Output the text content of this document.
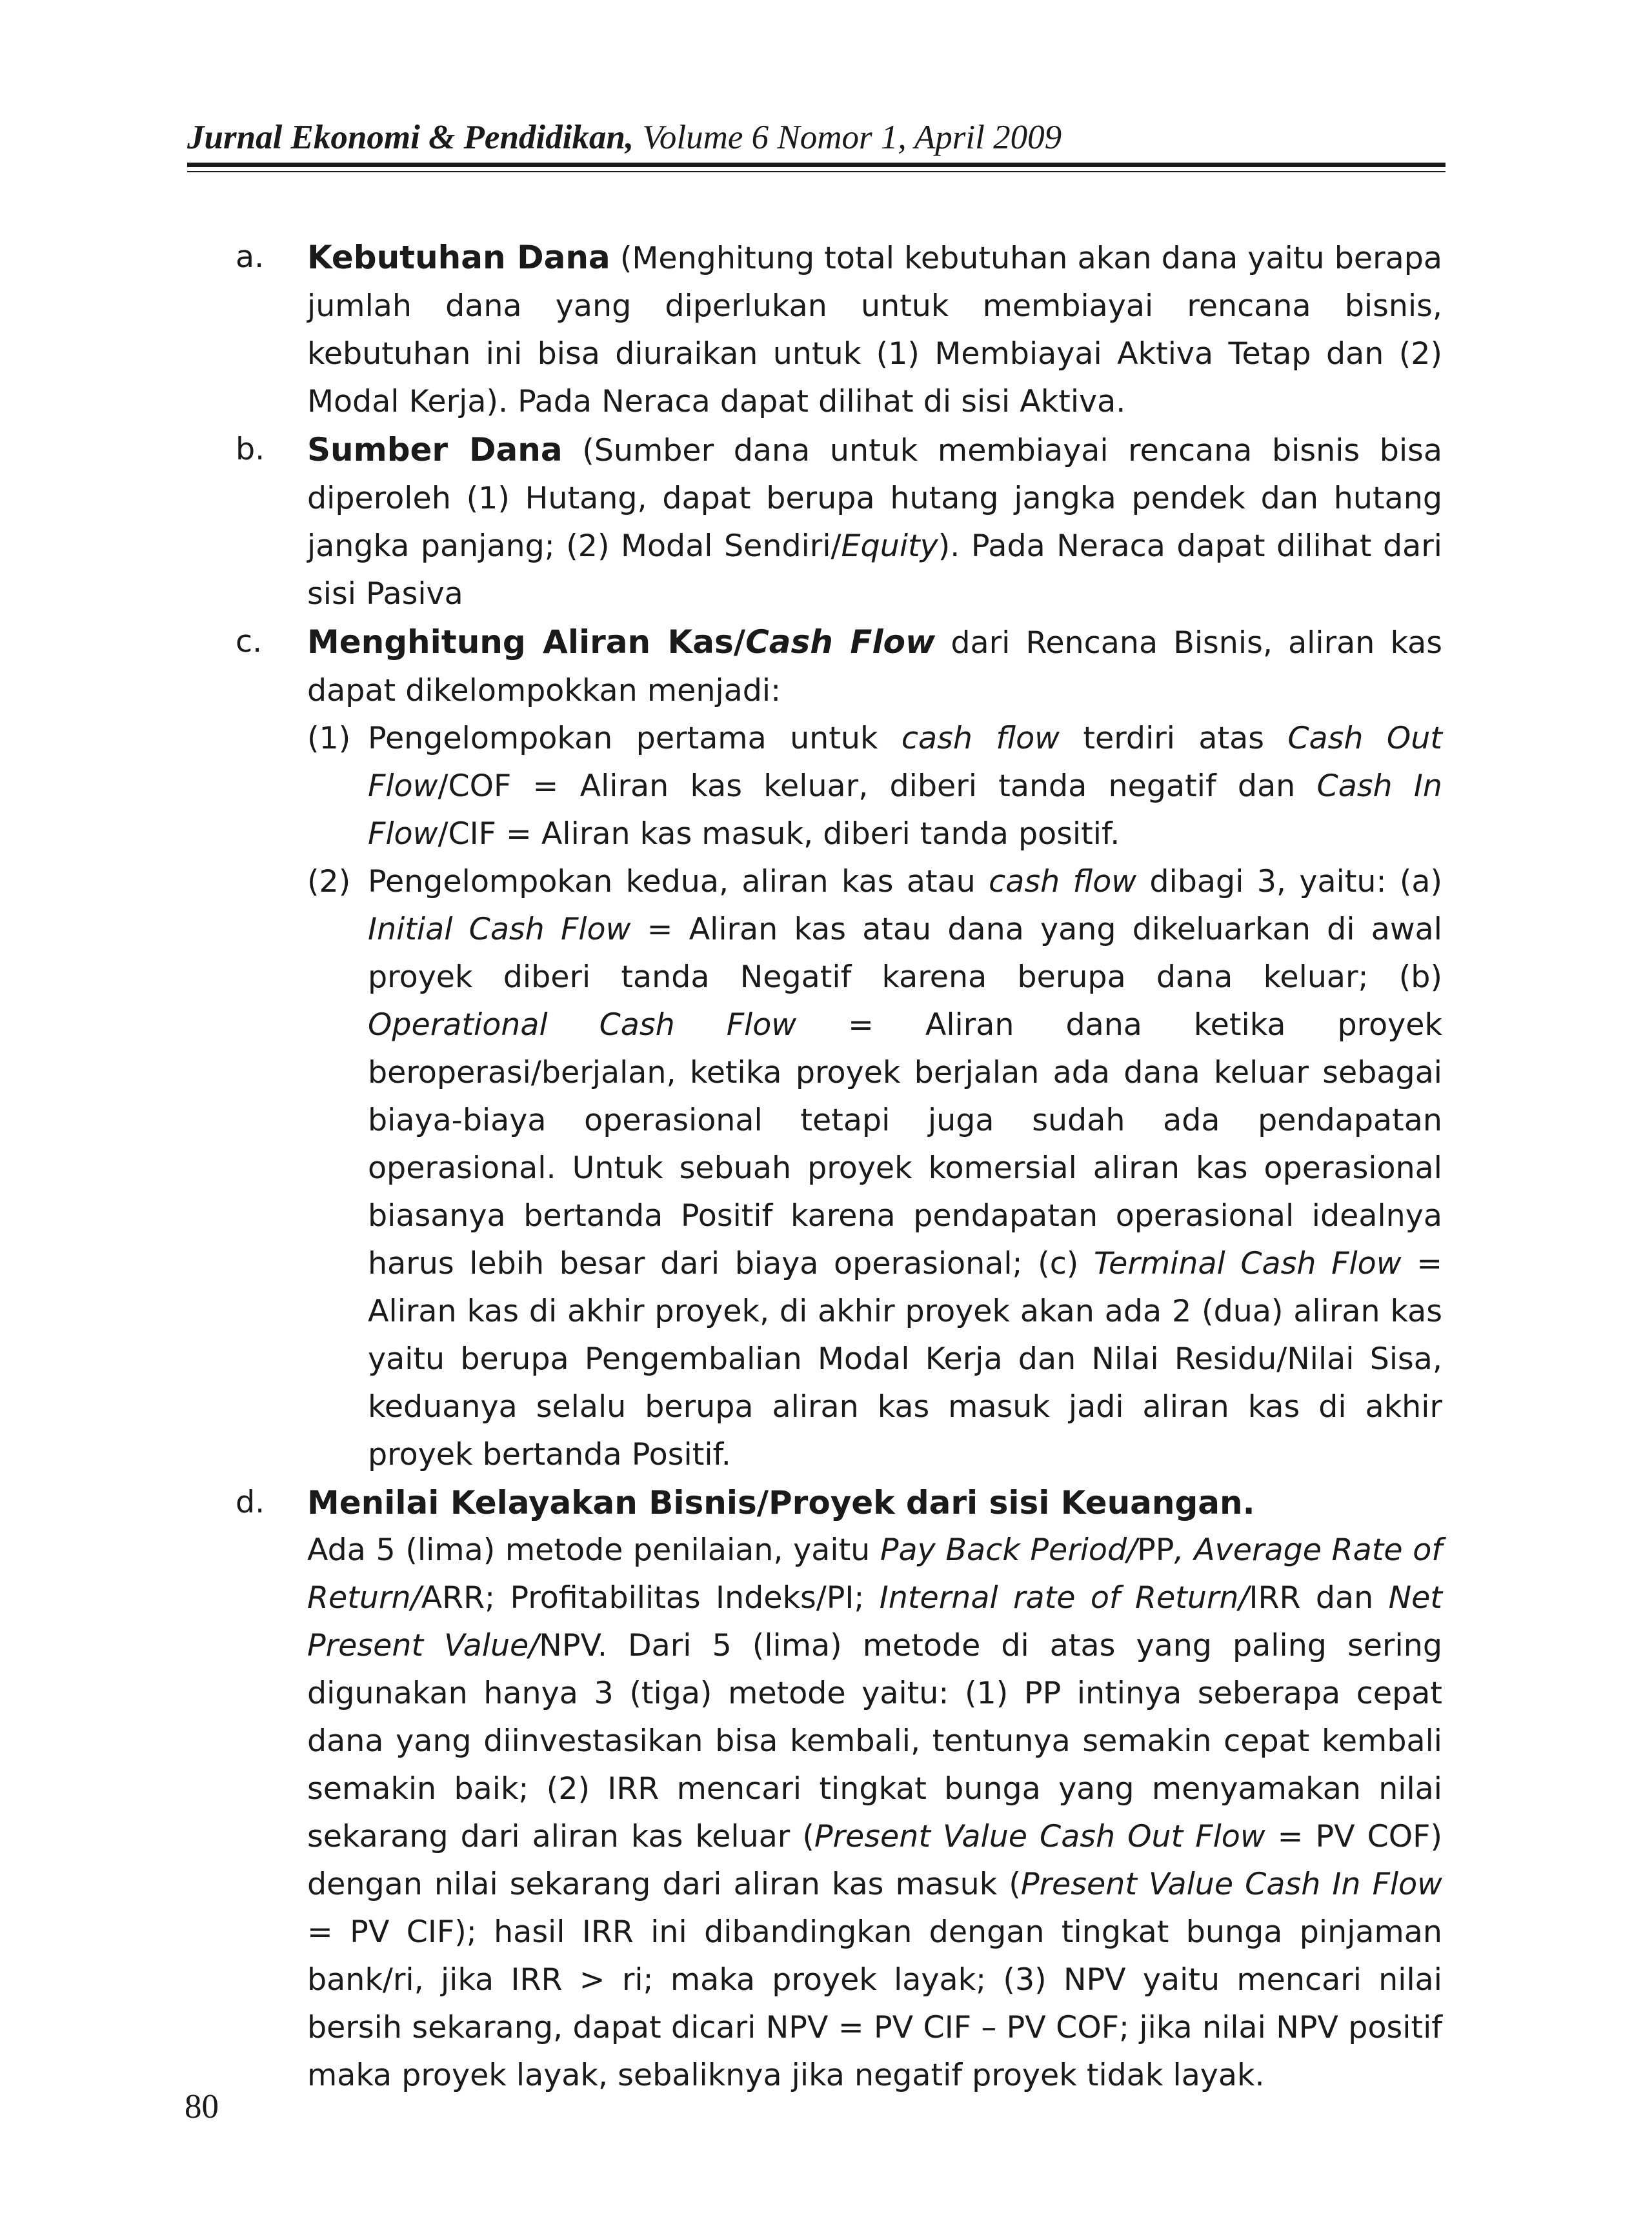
Jurnal Ekonomi & Pendidikan, Volume 6 Nomor 1, April 2009
a.	Kebutuhan Dana (Menghitung total kebutuhan akan dana yaitu berapa jumlah dana yang diperlukan untuk membiayai rencana bisnis, kebutuhan ini bisa diuraikan untuk (1) Membiayai Aktiva Tetap dan (2) Modal Kerja). Pada Neraca dapat dilihat di sisi Aktiva.
b.	Sumber Dana (Sumber dana untuk membiayai rencana bisnis bisa diperoleh (1) Hutang, dapat berupa hutang jangka pendek dan hutang jangka panjang; (2) Modal Sendiri/Equity). Pada Neraca dapat dilihat dari sisi Pasiva
c.	Menghitung Aliran Kas/Cash Flow dari Rencana Bisnis, aliran kas dapat dikelompokkan menjadi:
(1) Pengelompokan pertama untuk cash flow terdiri atas Cash Out Flow/COF = Aliran kas keluar, diberi tanda negatif dan Cash In Flow/CIF = Aliran kas masuk, diberi tanda positif.
(2) Pengelompokan kedua, aliran kas atau cash flow dibagi 3, yaitu: (a) Initial Cash Flow = Aliran kas atau dana yang dikeluarkan di awal proyek diberi tanda Negatif karena berupa dana keluar; (b) Operational Cash Flow = Aliran dana ketika proyek beroperasi/berjalan, ketika proyek berjalan ada dana keluar sebagai biaya-biaya operasional tetapi juga sudah ada pendapatan operasional. Untuk sebuah proyek komersial aliran kas operasional biasanya bertanda Positif karena pendapatan operasional idealnya harus lebih besar dari biaya operasional; (c) Terminal Cash Flow = Aliran kas di akhir proyek, di akhir proyek akan ada 2 (dua) aliran kas yaitu berupa Pengembalian Modal Kerja dan Nilai Residu/Nilai Sisa, keduanya selalu berupa aliran kas masuk jadi aliran kas di akhir proyek bertanda Positif.
d.	Menilai Kelayakan Bisnis/Proyek dari sisi Keuangan.
Ada 5 (lima) metode penilaian, yaitu Pay Back Period/PP, Average Rate of Return/ARR; Profitabilitas Indeks/PI; Internal rate of Return/IRR dan Net Present Value/NPV. Dari 5 (lima) metode di atas yang paling sering digunakan hanya 3 (tiga) metode yaitu: (1) PP intinya seberapa cepat dana yang diinvestasikan bisa kembali, tentunya semakin cepat kembali semakin baik; (2) IRR mencari tingkat bunga yang menyamakan nilai sekarang dari aliran kas keluar (Present Value Cash Out Flow = PV COF) dengan nilai sekarang dari aliran kas masuk (Present Value Cash In Flow = PV CIF); hasil IRR ini dibandingkan dengan tingkat bunga pinjaman bank/ri, jika IRR > ri; maka proyek layak; (3) NPV yaitu mencari nilai bersih sekarang, dapat dicari NPV = PV CIF – PV COF; jika nilai NPV positif maka proyek layak, sebaliknya jika negatif proyek tidak layak.
80
